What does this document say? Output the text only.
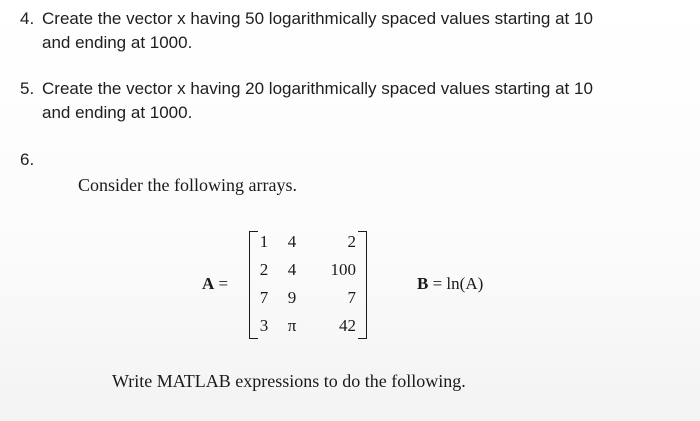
4. Create the vector x having 50 logarithmically spaced values starting at 10
and ending at 1000.
5. Create the vector x having 20 logarithmically spaced values starting at 10
and ending at 1000.
6.
Consider the following arrays.
A =
1	4	2
2	4	100
7	9	7
3	π	42
B = ln(A)
Write MATLAB expressions to do the following.
